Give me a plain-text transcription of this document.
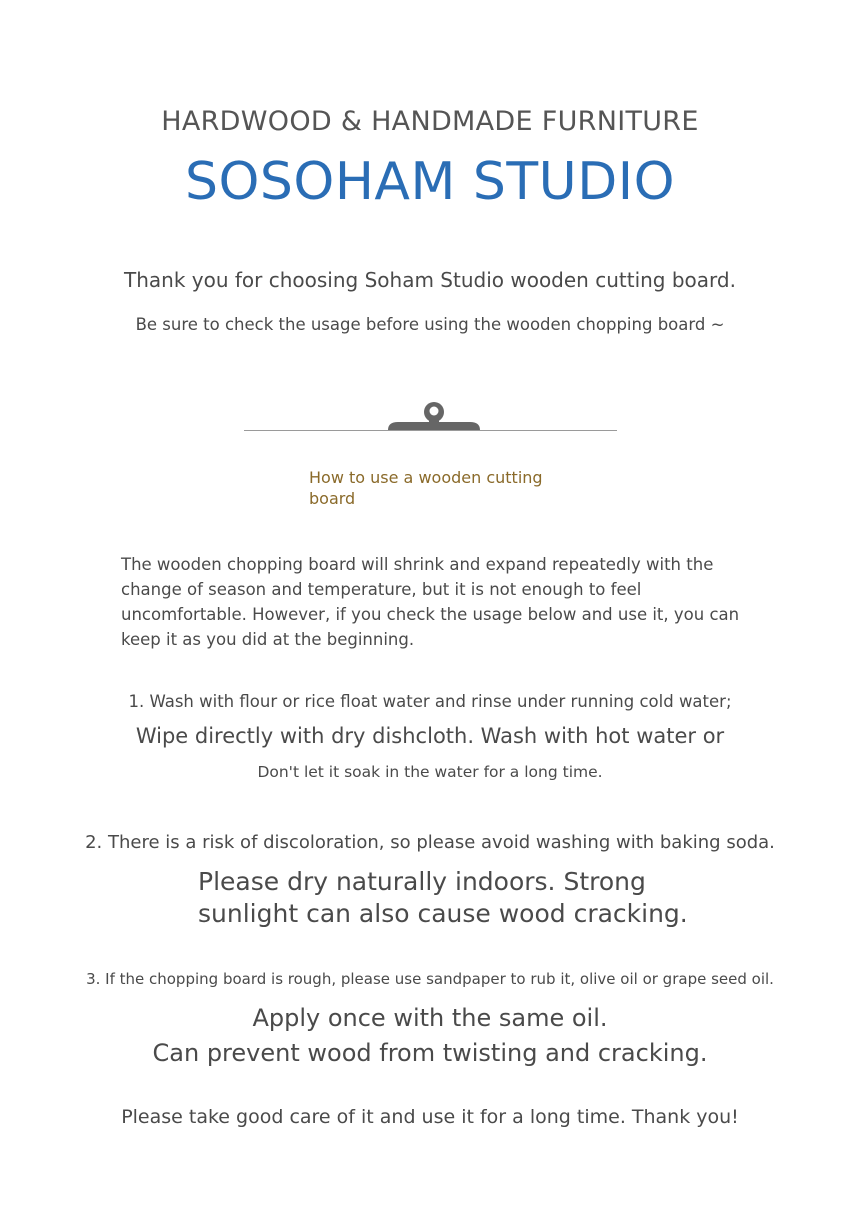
HARDWOOD & HANDMADE FURNITURE
SOSOHAM STUDIO
Thank you for choosing Soham Studio wooden cutting board.
Be sure to check the usage before using the wooden chopping board ~
How to use a wooden cutting board
The wooden chopping board will shrink and expand repeatedly with the change of season and temperature, but it is not enough to feel uncomfortable. However, if you check the usage below and use it, you can keep it as you did at the beginning.
1. Wash with flour or rice float water and rinse under running cold water;
Wipe directly with dry dishcloth. Wash with hot water or
Don't let it soak in the water for a long time.
2. There is a risk of discoloration, so please avoid washing with baking soda.
Please dry naturally indoors. Strong
sunlight can also cause wood cracking.
3. If the chopping board is rough, please use sandpaper to rub it, olive oil or grape seed oil.
Apply once with the same oil.
Can prevent wood from twisting and cracking.
Please take good care of it and use it for a long time. Thank you!
